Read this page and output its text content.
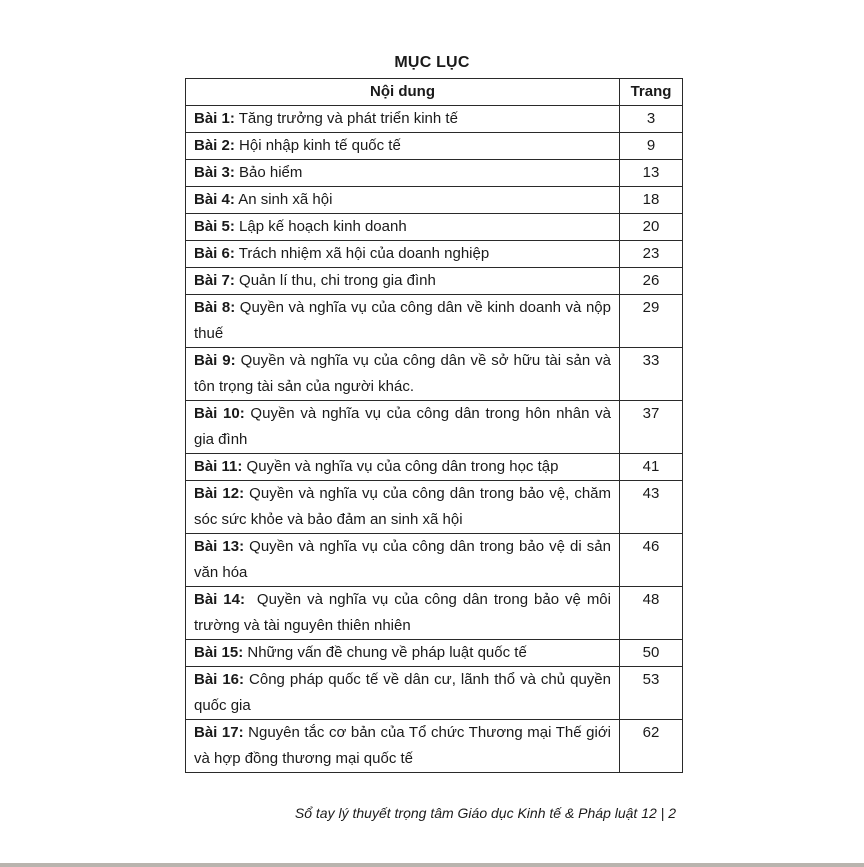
MỤC LỤC
Nội dung	Trang
Bài 1: Tăng trưởng và phát triển kinh tế	3
Bài 2: Hội nhập kinh tế quốc tế	9
Bài 3: Bảo hiểm	13
Bài 4: An sinh xã hội	18
Bài 5: Lập kế hoạch kinh doanh	20
Bài 6: Trách nhiệm xã hội của doanh nghiệp	23
Bài 7: Quản lí thu, chi trong gia đình	26
Bài 8: Quyền và nghĩa vụ của công dân về kinh doanh và nộp thuế	29
Bài 9: Quyền và nghĩa vụ của công dân về sở hữu tài sản và tôn trọng tài sản của người khác.	33
Bài 10: Quyền và nghĩa vụ của công dân trong hôn nhân và gia đình	37
Bài 11: Quyền và nghĩa vụ của công dân trong học tập	41
Bài 12: Quyền và nghĩa vụ của công dân trong bảo vệ, chăm sóc sức khỏe và bảo đảm an sinh xã hội	43
Bài 13: Quyền và nghĩa vụ của công dân trong bảo vệ di sản văn hóa	46
Bài 14:  Quyền và nghĩa vụ của công dân trong bảo vệ môi trường và tài nguyên thiên nhiên	48
Bài 15: Những vấn đề chung về pháp luật quốc tế	50
Bài 16: Công pháp quốc tế về dân cư, lãnh thổ và chủ quyền quốc gia	53
Bài 17: Nguyên tắc cơ bản của Tổ chức Thương mại Thế giới và hợp đồng thương mại quốc tế	62
Sổ tay lý thuyết trọng tâm Giáo dục Kinh tế & Pháp luật 12 | 2
